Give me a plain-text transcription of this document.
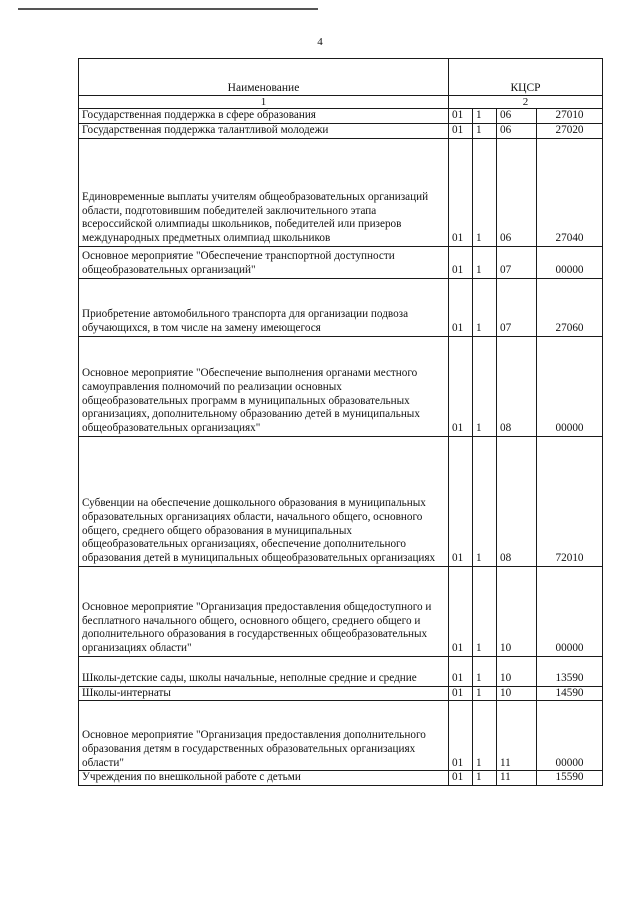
4
Наименование	КЦСР			
1	2			
Государственная поддержка в сфере образования	01	1	06	27010
Государственная поддержка талантливой молодежи	01	1	06	27020
Единовременные выплаты учителям общеобразовательных организаций области, подготовившим победителей заключительного этапа всероссийской олимпиады школьников, победителей или призеров международных предметных олимпиад школьников	01	1	06	27040
Основное мероприятие "Обеспечение транспортной доступности общеобразовательных организаций"	01	1	07	00000
Приобретение автомобильного транспорта для организации подвоза обучающихся, в том числе на замену имеющегося	01	1	07	27060
Основное мероприятие "Обеспечение выполнения органами местного самоуправления полномочий по реализации основных общеобразовательных программ в муниципальных образовательных организациях, дополнительному образованию детей в муниципальных общеобразовательных организациях"	01	1	08	00000
Субвенции на обеспечение дошкольного образования в муниципальных образовательных организациях области, начального общего, основного общего, среднего общего образования в муниципальных общеобразовательных организациях, обеспечение дополнительного образования детей в муниципальных общеобразовательных организациях	01	1	08	72010
Основное мероприятие "Организация предоставления общедоступного и бесплатного начального общего, основного общего, среднего общего и дополнительного образования в государственных общеобразовательных организациях области"	01	1	10	00000
Школы-детские сады, школы начальные, неполные средние и средние	01	1	10	13590
Школы-интернаты	01	1	10	14590
Основное мероприятие "Организация предоставления дополнительного образования детям в государственных образовательных организациях области"	01	1	11	00000
Учреждения по внешкольной работе с детьми	01	1	11	15590
